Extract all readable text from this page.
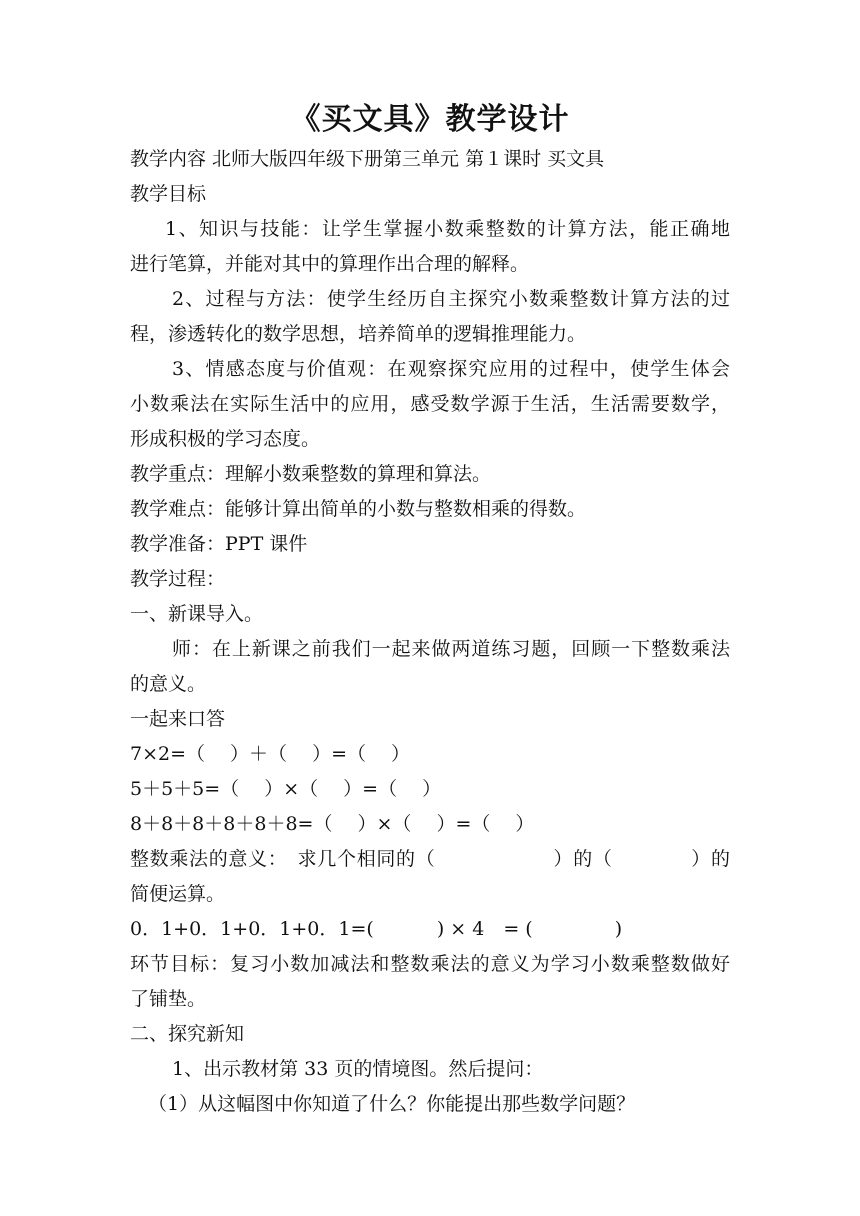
《买文具》教学设计
教学内容 北师大版四年级下册第三单元 第１课时 买文具
教学目标
1、知识与技能：让学生掌握小数乘整数的计算方法，能正确地
进行笔算，并能对其中的算理作出合理的解释。
2、过程与方法：使学生经历自主探究小数乘整数计算方法的过
程，渗透转化的数学思想，培养简单的逻辑推理能力。
3、情感态度与价值观：在观察探究应用的过程中，使学生体会
小数乘法在实际生活中的应用，感受数学源于生活，生活需要数学，
形成积极的学习态度。
教学重点：理解小数乘整数的算理和算法。
教学难点：能够计算出简单的小数与整数相乘的得数。
教学准备：PPT 课件
教学过程：
一、新课导入。
师：在上新课之前我们一起来做两道练习题，回顾一下整数乘法
的意义。
一起来口答
7×2=（　 ）＋（　 ）=（　 ）
5＋5＋5=（　 ）×（　 ）=（　 ）
8＋8＋8＋8＋8＋8=（　 ）×（　 ）=（　 ）
整数乘法的意义：　求几个相同的（　　　　　　）的（　　　　）的
简便运算。
0．1+0．1+0．1+0．1=(　　　 ) × 4　= (　　　　 )
环节目标：复习小数加减法和整数乘法的意义为学习小数乘整数做好
了铺垫。
二、探究新知
1、出示教材第 33 页的情境图。然后提问：
（1）从这幅图中你知道了什么？你能提出那些数学问题？
